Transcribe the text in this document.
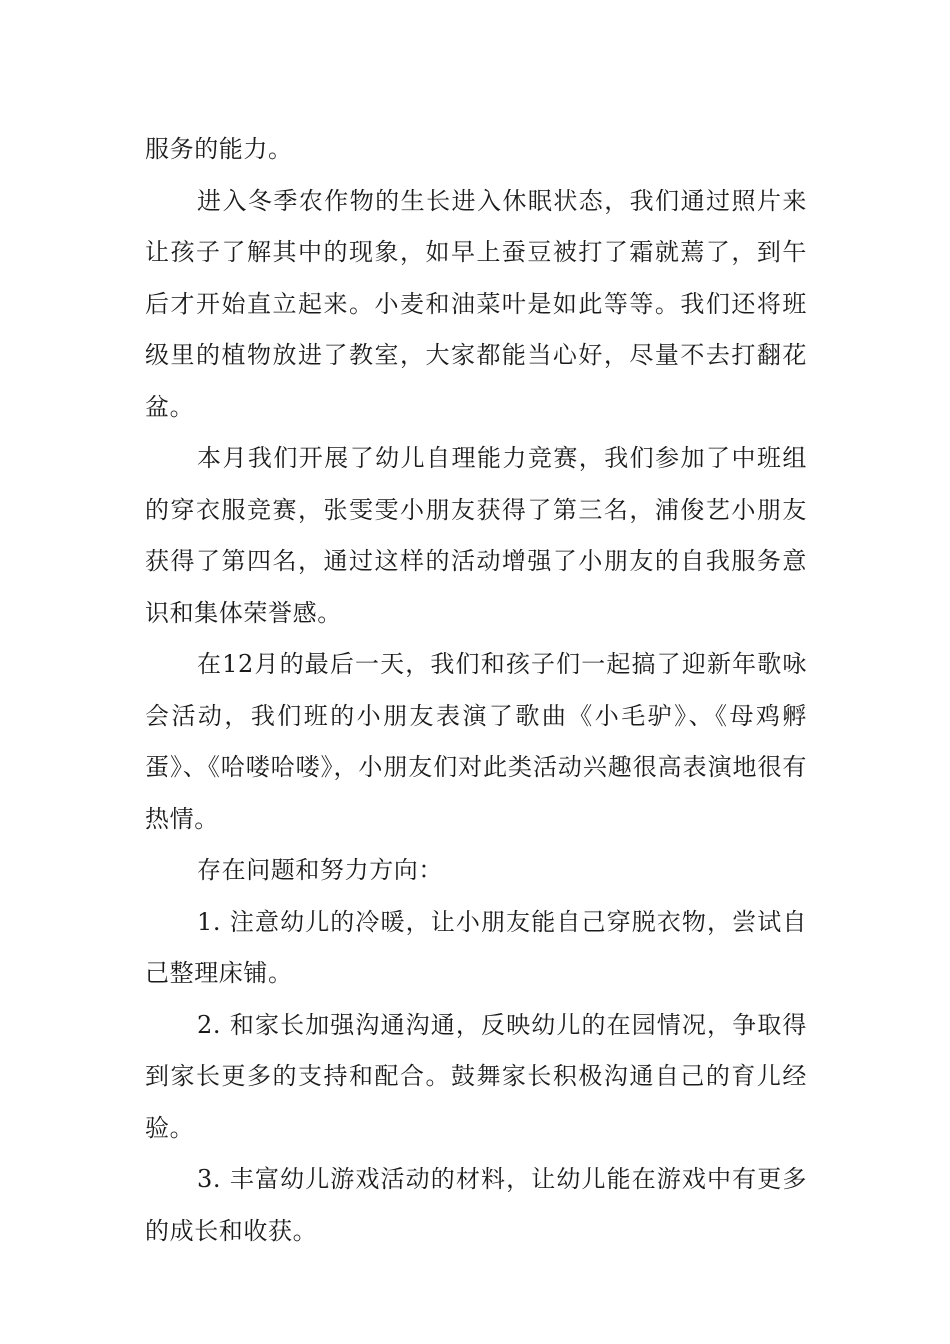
服务的能力。

进入冬季农作物的生长进入休眠状态，我们通过照片来让孩子了解其中的现象，如早上蚕豆被打了霜就蔫了，到午后才开始直立起来。小麦和油菜叶是如此等等。我们还将班级里的植物放进了教室，大家都能当心好，尽量不去打翻花盆。

本月我们开展了幼儿自理能力竞赛，我们参加了中班组的穿衣服竞赛，张雯雯小朋友获得了第三名，浦俊艺小朋友获得了第四名，通过这样的活动增强了小朋友的自我服务意识和集体荣誉感。

在12月的最后一天，我们和孩子们一起搞了迎新年歌咏会活动，我们班的小朋友表演了歌曲《小毛驴》、《母鸡孵蛋》、《哈喽哈喽》，小朋友们对此类活动兴趣很高表演地很有热情。

存在问题和努力方向：

1. 注意幼儿的冷暖，让小朋友能自己穿脱衣物，尝试自己整理床铺。

2. 和家长加强沟通沟通，反映幼儿的在园情况，争取得到家长更多的支持和配合。鼓舞家长积极沟通自己的育儿经验。

3. 丰富幼儿游戏活动的材料，让幼儿能在游戏中有更多的成长和收获。
